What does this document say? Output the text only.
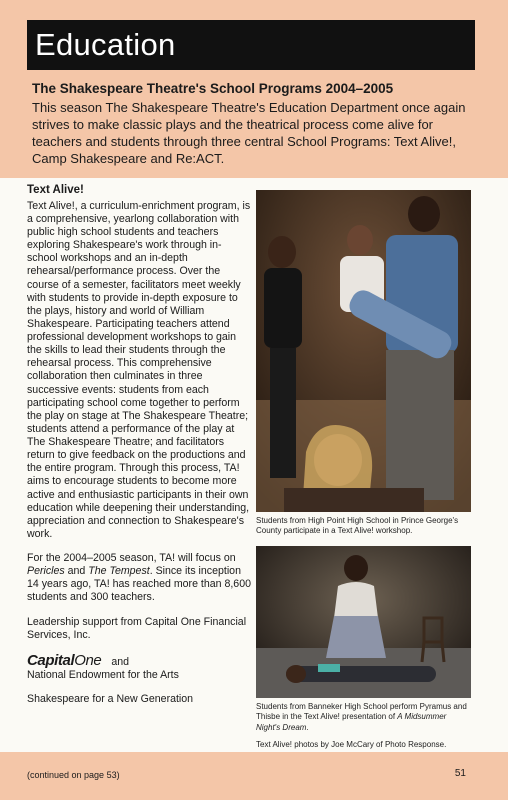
Education
The Shakespeare Theatre's School Programs 2004–2005
This season The Shakespeare Theatre's Education Department once again strives to make classic plays and the theatrical process come alive for teachers and students through three central School Programs: Text Alive!, Camp Shakespeare and Re:ACT.
Text Alive!

Text Alive!, a curriculum-enrichment program, is a comprehensive, yearlong collaboration with public high school students and teachers exploring Shakespeare's work through in-school workshops and an in-depth rehearsal/performance process. Over the course of a semester, facilitators meet weekly with students to provide in-depth exposure to the plays, history and world of William Shakespeare. Participating teachers attend professional development workshops to gain the skills to lead their students through the rehearsal process. This comprehensive collaboration then culminates in three successive events: students from each participating school come together to perform the play on stage at The Shakespeare Theatre; students attend a performance of the play at The Shakespeare Theatre; and facilitators return to give feedback on the productions and the entire program. Through this process, TA! aims to encourage students to become more active and enthusiastic participants in their own education while deepening their understanding, appreciation and connection to Shakespeare's work.

For the 2004–2005 season, TA! will focus on Pericles and The Tempest. Since its inception 14 years ago, TA! has reached more than 8,600 students and 300 teachers.

Leadership support from Capital One Financial Services, Inc.

CapitalOne and

National Endowment for the Arts

Shakespeare for a New Generation

Students from High Point High School in Prince George's County participate in a Text Alive! workshop.
Students from Banneker High School perform Pyramus and Thisbe in the Text Alive! presentation of A Midsummer Night's Dream.
Text Alive! photos by Joe McCary of Photo Response.
(continued on page 53)	51
